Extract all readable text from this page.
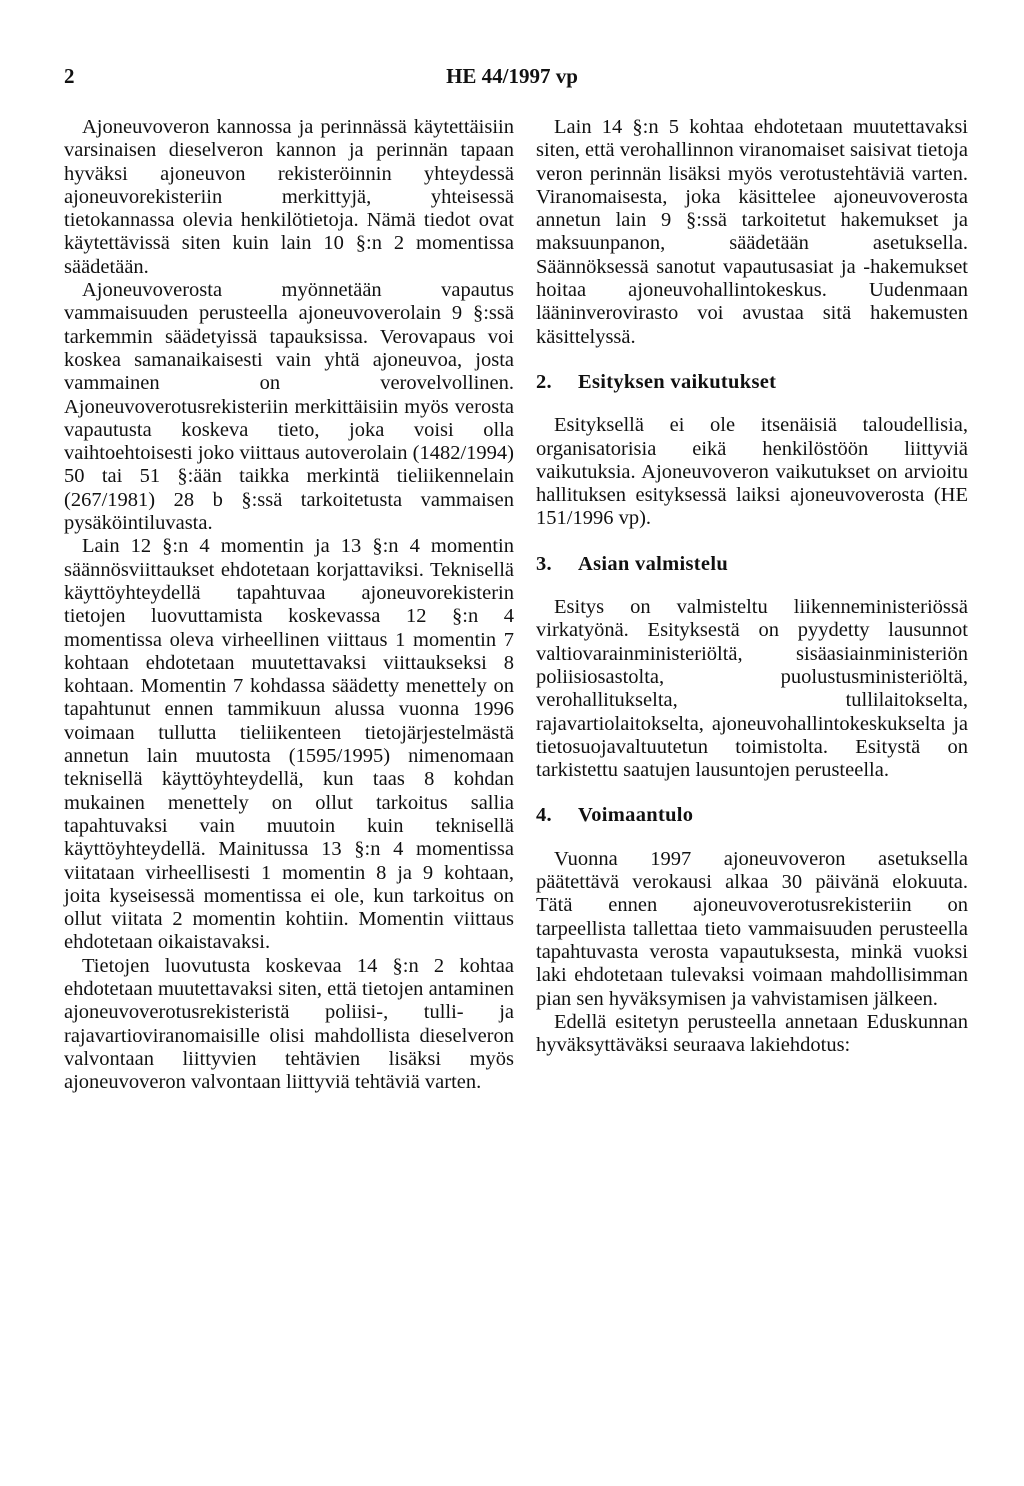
2	HE 44/1997 vp

Ajoneuvoveron kannossa ja perinnässä käytettäisiin varsinaisen dieselveron kannon ja perinnän tapaan hyväksi ajoneuvon rekisteröinnin yhteydessä ajoneuvorekisteriin merkittyjä, yhteisessä tietokannassa olevia henkilötietoja. Nämä tiedot ovat käytettävissä siten kuin lain 10 §:n 2 momentissa säädetään.

Ajoneuvoverosta myönnetään vapautus vammaisuuden perusteella ajoneuvoverolain 9 §:ssä tarkemmin säädetyissä tapauksissa. Verovapaus voi koskea samanaikaisesti vain yhtä ajoneuvoa, josta vammainen on verovelvollinen. Ajoneuvoverotusrekisteriin merkittäisiin myös verosta vapautusta koskeva tieto, joka voisi olla vaihtoehtoisesti joko viittaus autoverolain (1482/1994) 50 tai 51 §:ään taikka merkintä tieliikennelain (267/1981) 28 b §:ssä tarkoitetusta vammaisen pysäköintiluvasta.

Lain 12 §:n 4 momentin ja 13 §:n 4 momentin säännösviittaukset ehdotetaan korjattaviksi. Teknisellä käyttöyhteydellä tapahtuvaa ajoneuvorekisterin tietojen luovuttamista koskevassa 12 §:n 4 momentissa oleva virheellinen viittaus 1 momentin 7 kohtaan ehdotetaan muutettavaksi viittaukseksi 8 kohtaan. Momentin 7 kohdassa säädetty menettely on tapahtunut ennen tammikuun alussa vuonna 1996 voimaan tullutta tieliikenteen tietojärjestelmästä annetun lain muutosta (1595/1995) nimenomaan teknisellä käyttöyhteydellä, kun taas 8 kohdan mukainen menettely on ollut tarkoitus sallia tapahtuvaksi vain muutoin kuin teknisellä käyttöyhteydellä. Mainitussa 13 §:n 4 momentissa viitataan virheellisesti 1 momentin 8 ja 9 kohtaan, joita kyseisessä momentissa ei ole, kun tarkoitus on ollut viitata 2 momentin kohtiin. Momentin viittaus ehdotetaan oikaistavaksi.

Tietojen luovutusta koskevaa 14 §:n 2 kohtaa ehdotetaan muutettavaksi siten, että tietojen antaminen ajoneuvoverotusrekisteristä poliisi-, tulli- ja rajavartioviranomaisille olisi mahdollista dieselveron valvontaan liittyvien tehtävien lisäksi myös ajoneuvoveron valvontaan liittyviä tehtäviä varten.

Lain 14 §:n 5 kohtaa ehdotetaan muutettavaksi siten, että verohallinnon viranomaiset saisivat tietoja veron perinnän lisäksi myös verotustehtäviä varten. Viranomaisesta, joka käsittelee ajoneuvoverosta annetun lain 9 §:ssä tarkoitetut hakemukset ja maksuunpanon, säädetään asetuksella. Säännöksessä sanotut vapautusasiat ja -hakemukset hoitaa ajoneuvohallintokeskus. Uudenmaan lääninverovirasto voi avustaa sitä hakemusten käsittelyssä.

2. Esityksen vaikutukset

Esityksellä ei ole itsenäisiä taloudellisia, organisatorisia eikä henkilöstöön liittyviä vaikutuksia. Ajoneuvoveron vaikutukset on arvioitu hallituksen esityksessä laiksi ajoneuvoverosta (HE 151/1996 vp).

3. Asian valmistelu

Esitys on valmisteltu liikenneministeriössä virkatyönä. Esityksestä on pyydetty lausunnot valtiovarainministeriöltä, sisäasiainministeriön poliisiosastolta, puolustusministeriöltä, verohallitukselta, tullilaitokselta, rajavartiolaitokselta, ajoneuvohallintokeskukselta ja tietosuojavaltuutetun toimistolta. Esitystä on tarkistettu saatujen lausuntojen perusteella.

4. Voimaantulo

Vuonna 1997 ajoneuvoveron asetuksella päätettävä verokausi alkaa 30 päivänä elokuuta. Tätä ennen ajoneuvoverotusrekisteriin on tarpeellista tallettaa tieto vammaisuuden perusteella tapahtuvasta verosta vapautuksesta, minkä vuoksi laki ehdotetaan tulevaksi voimaan mahdollisimman pian sen hyväksymisen ja vahvistamisen jälkeen.

Edellä esitetyn perusteella annetaan Eduskunnan hyväksyttäväksi seuraava lakiehdotus:
